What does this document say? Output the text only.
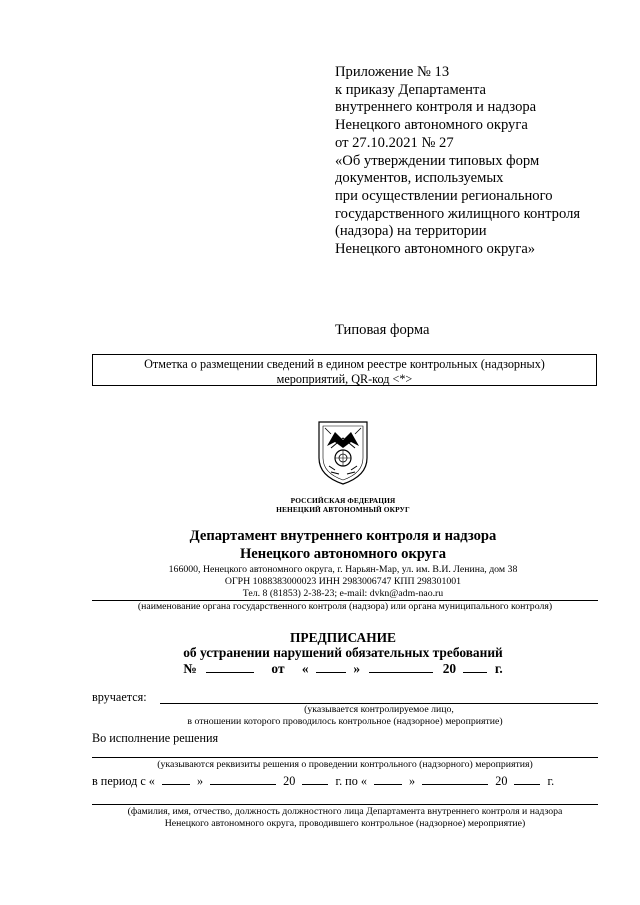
Приложение № 13
к приказу Департамента
внутреннего контроля и надзора
Ненецкого автономного округа
от 27.10.2021 № 27
«Об утверждении типовых форм
документов, используемых
при осуществлении регионального
государственного жилищного контроля
(надзора) на территории
Ненецкого автономного округа»
Типовая форма
Отметка о размещении сведений в едином реестре контрольных (надзорных)
мероприятий, QR-код <*>
РОССИЙСКАЯ ФЕДЕРАЦИЯ
НЕНЕЦКИЙ АВТОНОМНЫЙ ОКРУГ
Департамент внутреннего контроля и надзора
Ненецкого автономного округа
166000, Ненецкого автономного округа, г. Нарьян-Мар, ул. им. В.И. Ленина, дом 38
ОГРН 1088383000023 ИНН 2983006747 КПП 298301001
Тел. 8 (81853) 2-38-23; e-mail: dvkn@adm-nao.ru
(наименование органа государственного контроля (надзора) или органа муниципального контроля)
ПРЕДПИСАНИЕ
об устранении нарушений обязательных требований
№	от «	»	20	г.
вручается:
(указывается контролируемое лицо,
в отношении которого проводилось контрольное (надзорное) мероприятие)
Во исполнение решения
(указываются реквизиты решения о проведении контрольного (надзорного) мероприятия)
в период с «	»	20	г. по «	»	20	г.
(фамилия, имя, отчество, должность должностного лица Департамента внутреннего контроля и надзора
Ненецкого автономного округа, проводившего контрольное (надзорное) мероприятие)
